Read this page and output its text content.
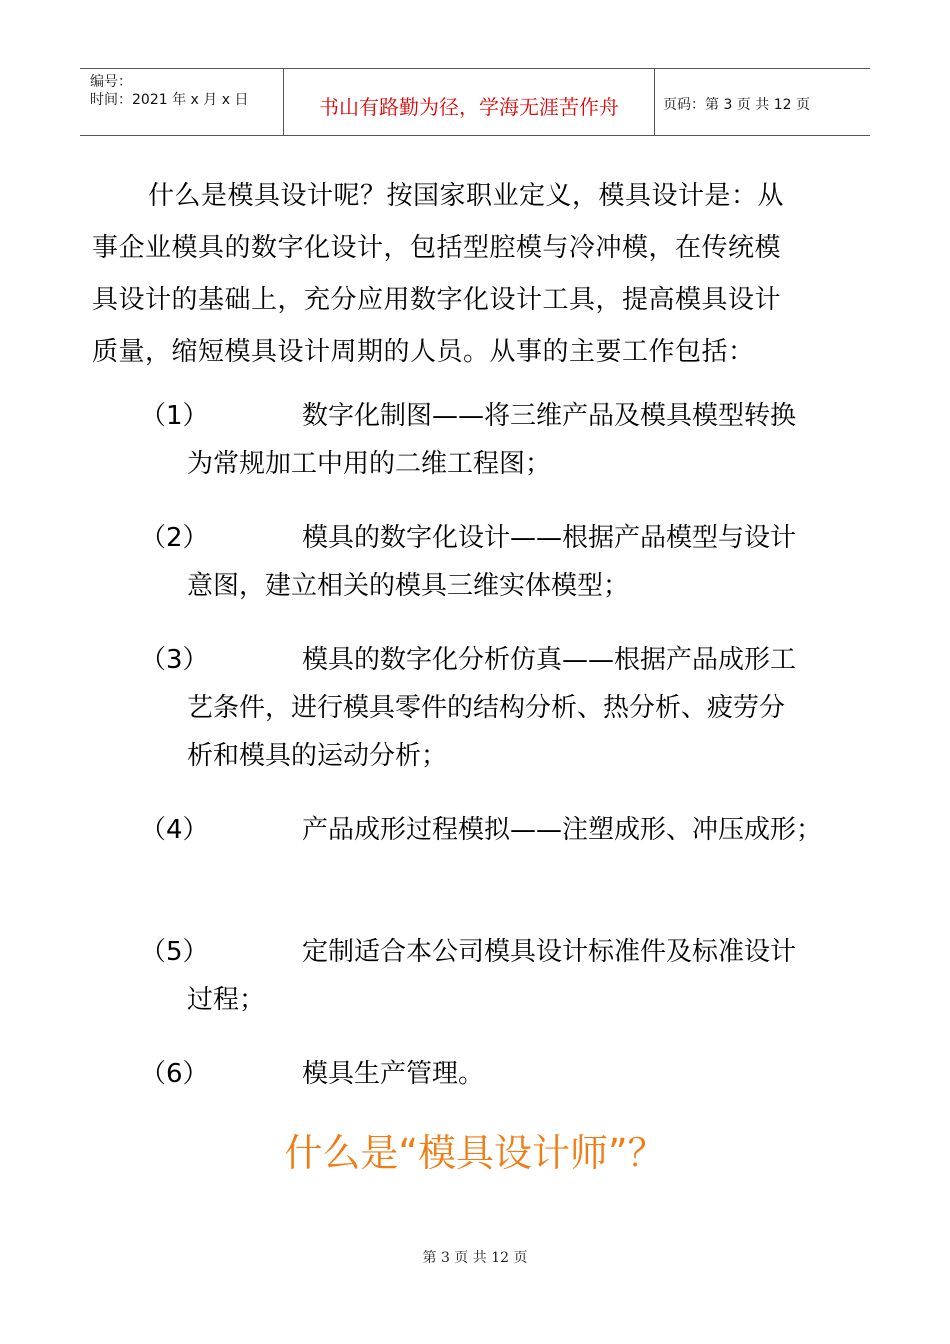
编号：
时间：2021 年 x 月 x 日	书山有路勤为径，学海无涯苦作舟	页码：第 3 页 共 12 页
什么是模具设计呢？按国家职业定义，模具设计是：从
事企业模具的数字化设计，包括型腔模与冷冲模，在传统模
具设计的基础上，充分应用数字化设计工具，提高模具设计
质量，缩短模具设计周期的人员。从事的主要工作包括：
（1）	数字化制图——将三维产品及模具模型转换
为常规加工中用的二维工程图；
（2）	模具的数字化设计——根据产品模型与设计
意图，建立相关的模具三维实体模型；
（3）	模具的数字化分析仿真——根据产品成形工
艺条件，进行模具零件的结构分析、热分析、疲劳分
析和模具的运动分析；
（4）	产品成形过程模拟——注塑成形、冲压成形；
（5）	定制适合本公司模具设计标准件及标准设计
过程；
（6）	模具生产管理。
什么是“模具设计师”？
第 3 页 共 12 页
